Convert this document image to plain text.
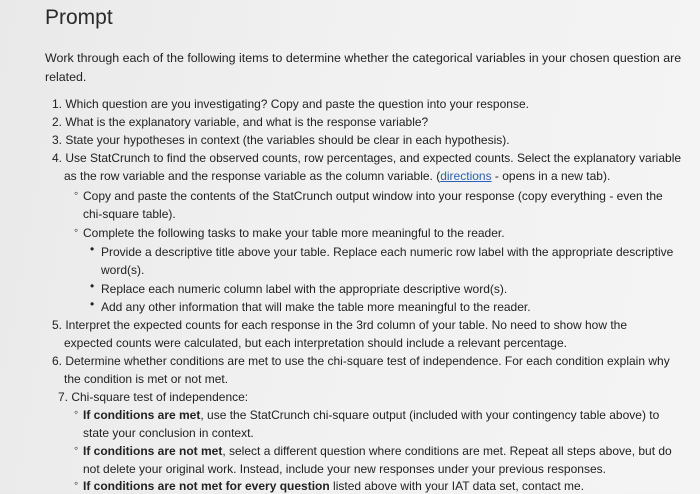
Prompt
Work through each of the following items to determine whether the categorical variables in your chosen question are related.
1. Which question are you investigating? Copy and paste the question into your response.
2. What is the explanatory variable, and what is the response variable?
3. State your hypotheses in context (the variables should be clear in each hypothesis).
4. Use StatCrunch to find the observed counts, row percentages, and expected counts. Select the explanatory variable
as the row variable and the response variable as the column variable. (directions - opens in a new tab).
◦ Copy and paste the contents of the StatCrunch output window into your response (copy everything - even the
chi-square table).
◦ Complete the following tasks to make your table more meaningful to the reader.
• Provide a descriptive title above your table. Replace each numeric row label with the appropriate descriptive
word(s).
• Replace each numeric column label with the appropriate descriptive word(s).
• Add any other information that will make the table more meaningful to the reader.
5. Interpret the expected counts for each response in the 3rd column of your table. No need to show how the
expected counts were calculated, but each interpretation should include a relevant percentage.
6. Determine whether conditions are met to use the chi-square test of independence. For each condition explain why
the condition is met or not met.
7. Chi-square test of independence:
◦ If conditions are met, use the StatCrunch chi-square output (included with your contingency table above) to
state your conclusion in context.
◦ If conditions are not met, select a different question where conditions are met. Repeat all steps above, but do
not delete your original work. Instead, include your new responses under your previous responses.
◦ If conditions are not met for every question listed above with your IAT data set, contact me.
